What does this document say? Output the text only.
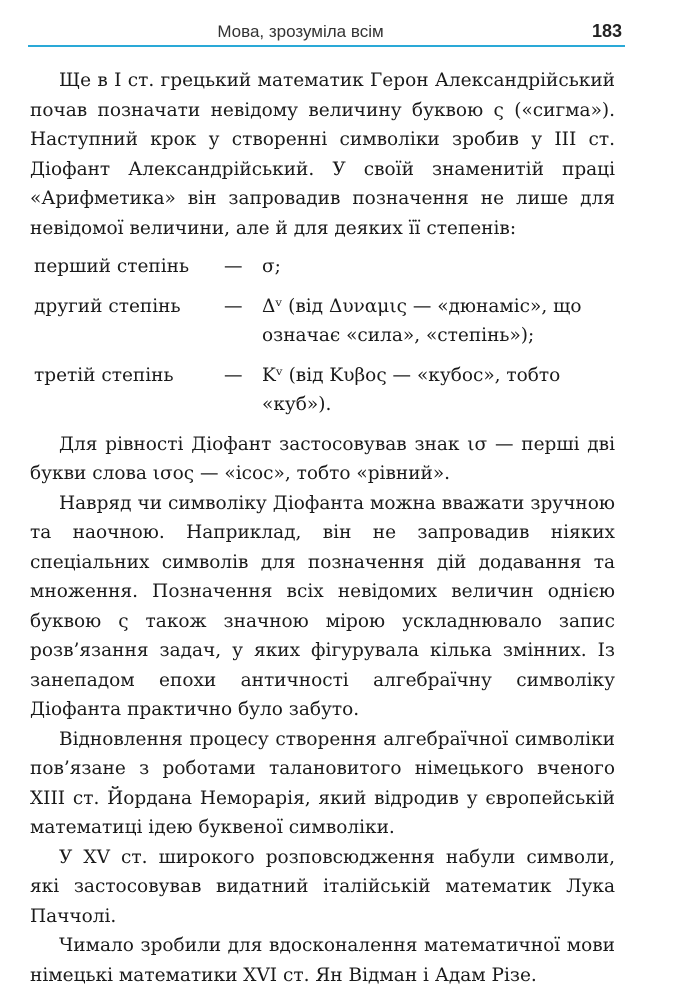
Мова, зрозуміла всім	183

Ще в I ст. грецький математик Герон Александрійський почав позначати невідому величину буквою ς («сигма»). Наступний крок у створенні символіки зробив у III ст. Діофант Александрійський. У своїй знаменитій праці «Арифметика» він запровадив позначення не лише для невідомої величини, але й для деяких її степенів:

перший степінь	—	σ;
другий степінь	—	Δᵛ (від Δυναμις — «дюнаміс», що означає «сила», «степінь»);
третій степінь	—	Κᵛ (від Κυβος — «кубос», тобто «куб»).

Для рівності Діофант застосовував знак ισ — перші дві букви слова ισος — «ісос», тобто «рівний».

Навряд чи символіку Діофанта можна вважати зручною та наочною. Наприклад, він не запровадив ніяких спеціальних символів для позначення дій додавання та множення. Позначення всіх невідомих величин однією буквою ς також значною мірою ускладнювало запис розв’язання задач, у яких фігурувала кілька змінних. Із занепадом епохи античності алгебраїчну символіку Діофанта практично було забуто.

Відновлення процесу створення алгебраїчної символіки пов’язане з роботами талановитого німецького вченого XIII ст. Йордана Неморарія, який відродив у європейській математиці ідею буквеної символіки.

У XV ст. широкого розповсюдження набули символи, які застосовував видатний італійській математик Лука Паччолі.

Чимало зробили для вдосконалення математичної мови німецькі математики XVI ст. Ян Відман і Адам Різе.
